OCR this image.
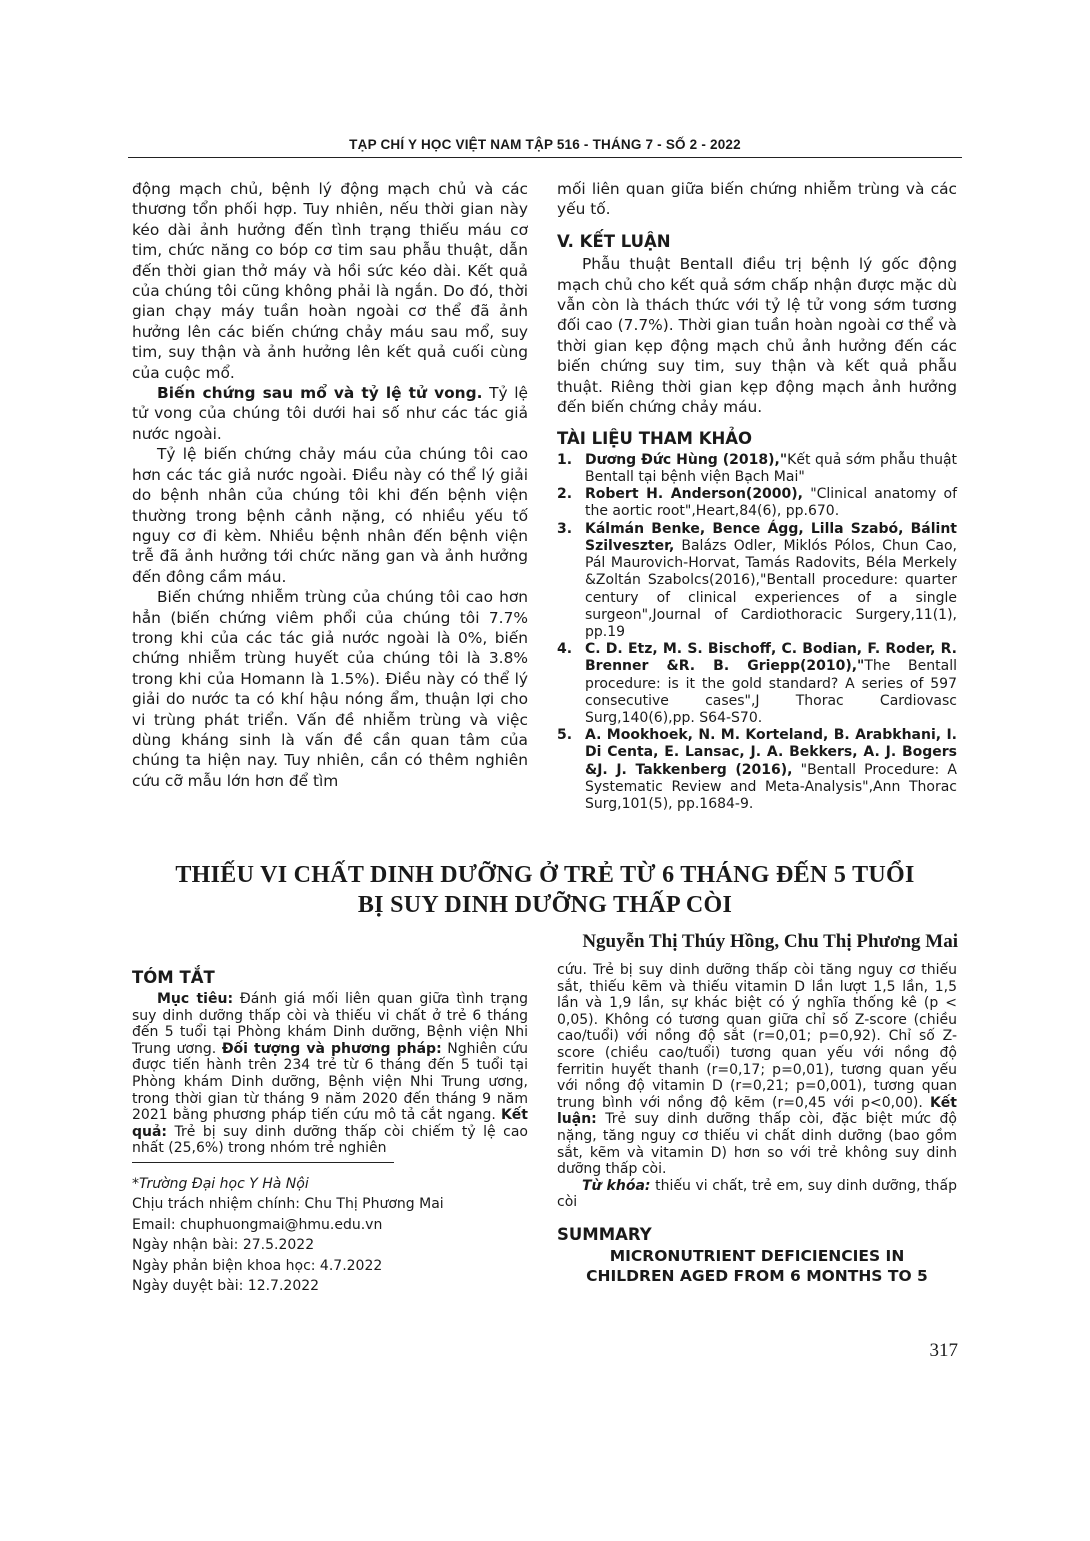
TẠP CHÍ Y HỌC VIỆT NAM TẬP 516 - THÁNG 7 - SỐ 2 - 2022

động mạch chủ, bệnh lý động mạch chủ và các thương tổn phối hợp. Tuy nhiên, nếu thời gian này kéo dài ảnh hưởng đến tình trạng thiếu máu cơ tim, chức năng co bóp cơ tim sau phẫu thuật, dẫn đến thời gian thở máy và hồi sức kéo dài. Kết quả của chúng tôi cũng không phải là ngắn. Do đó, thời gian chạy máy tuần hoàn ngoài cơ thể đã ảnh hưởng lên các biến chứng chảy máu sau mổ, suy tim, suy thận và ảnh hưởng lên kết quả cuối cùng của cuộc mổ.

Biến chứng sau mổ và tỷ lệ tử vong. Tỷ lệ tử vong của chúng tôi dưới hai số như các tác giả nước ngoài.

Tỷ lệ biến chứng chảy máu của chúng tôi cao hơn các tác giả nước ngoài. Điều này có thể lý giải do bệnh nhân của chúng tôi khi đến bệnh viện thường trong bệnh cảnh nặng, có nhiều yếu tố nguy cơ đi kèm. Nhiều bệnh nhân đến bệnh viện trễ đã ảnh hưởng tới chức năng gan và ảnh hưởng đến đông cầm máu.

Biến chứng nhiễm trùng của chúng tôi cao hơn hẳn (biến chứng viêm phổi của chúng tôi 7.7% trong khi của các tác giả nước ngoài là 0%, biến chứng nhiễm trùng huyết của chúng tôi là 3.8% trong khi của Homann là 1.5%). Điều này có thể lý giải do nước ta có khí hậu nóng ẩm, thuận lợi cho vi trùng phát triển. Vấn đề nhiễm trùng và việc dùng kháng sinh là vấn đề cần quan tâm của chúng ta hiện nay. Tuy nhiên, cần có thêm nghiên cứu cỡ mẫu lớn hơn để tìm

mối liên quan giữa biến chứng nhiễm trùng và các yếu tố.

V. KẾT LUẬN

Phẫu thuật Bentall điều trị bệnh lý gốc động mạch chủ cho kết quả sớm chấp nhận được mặc dù vẫn còn là thách thức với tỷ lệ tử vong sớm tương đối cao (7.7%). Thời gian tuần hoàn ngoài cơ thể và thời gian kẹp động mạch chủ ảnh hưởng đến các biến chứng suy tim, suy thận và kết quả phẫu thuật. Riêng thời gian kẹp động mạch ảnh hưởng đến biến chứng chảy máu.

TÀI LIỆU THAM KHẢO
1. Dương Đức Hùng (2018),"Kết quả sớm phẫu thuật Bentall tại bệnh viện Bạch Mai"
2. Robert H. Anderson(2000), "Clinical anatomy of the aortic root",Heart,84(6), pp.670.
3. Kálmán Benke, Bence Ágg, Lilla Szabó, Bálint Szilveszter, Balázs Odler, Miklós Pólos, Chun Cao, Pál Maurovich-Horvat, Tamás Radovits, Béla Merkely &Zoltán Szabolcs(2016),"Bentall procedure: quarter century of clinical experiences of a single surgeon",Journal of Cardiothoracic Surgery,11(1), pp.19
4. C. D. Etz, M. S. Bischoff, C. Bodian, F. Roder, R. Brenner &R. B. Griepp(2010),"The Bentall procedure: is it the gold standard? A series of 597 consecutive cases",J Thorac Cardiovasc Surg,140(6),pp. S64-S70.
5. A. Mookhoek, N. M. Korteland, B. Arabkhani, I. Di Centa, E. Lansac, J. A. Bekkers, A. J. Bogers &J. J. Takkenberg (2016), "Bentall Procedure: A Systematic Review and Meta-Analysis",Ann Thorac Surg,101(5), pp.1684-9.
THIẾU VI CHẤT DINH DƯỠNG Ở TRẺ TỪ 6 THÁNG ĐẾN 5 TUỔI
BỊ SUY DINH DƯỠNG THẤP CÒI
Nguyễn Thị Thúy Hồng, Chu Thị Phương Mai
TÓM TẮT

Mục tiêu: Đánh giá mối liên quan giữa tình trạng suy dinh dưỡng thấp còi và thiếu vi chất ở trẻ 6 tháng đến 5 tuổi tại Phòng khám Dinh dưỡng, Bệnh viện Nhi Trung ương. Đối tượng và phương pháp: Nghiên cứu được tiến hành trên 234 trẻ từ 6 tháng đến 5 tuổi tại Phòng khám Dinh dưỡng, Bệnh viện Nhi Trung ương, trong thời gian từ tháng 9 năm 2020 đến tháng 9 năm 2021 bằng phương pháp tiến cứu mô tả cắt ngang. Kết quả: Trẻ bị suy dinh dưỡng thấp còi chiếm tỷ lệ cao nhất (25,6%) trong nhóm trẻ nghiên

*Trường Đại học Y Hà Nội
Chịu trách nhiệm chính: Chu Thị Phương Mai
Email: chuphuongmai@hmu.edu.vn
Ngày nhận bài: 27.5.2022
Ngày phản biện khoa học: 4.7.2022
Ngày duyệt bài: 12.7.2022

cứu. Trẻ bị suy dinh dưỡng thấp còi tăng nguy cơ thiếu sắt, thiếu kẽm và thiếu vitamin D lần lượt 1,5 lần, 1,5 lần và 1,9 lần, sự khác biệt có ý nghĩa thống kê (p < 0,05). Không có tương quan giữa chỉ số Z-score (chiều cao/tuổi) với nồng độ sắt (r=0,01; p=0,92). Chỉ số Z-score (chiều cao/tuổi) tương quan yếu với nồng độ ferritin huyết thanh (r=0,17; p=0,01), tương quan yếu với nồng độ vitamin D (r=0,21; p=0,001), tương quan trung bình với nồng độ kẽm (r=0,45 với p<0,00). Kết luận: Trẻ suy dinh dưỡng thấp còi, đặc biệt mức độ nặng, tăng nguy cơ thiếu vi chất dinh dưỡng (bao gồm sắt, kẽm và vitamin D) hơn so với trẻ không suy dinh dưỡng thấp còi.

Từ khóa: thiếu vi chất, trẻ em, suy dinh dưỡng, thấp còi

SUMMARY
MICRONUTRIENT DEFICIENCIES IN
CHILDREN AGED FROM 6 MONTHS TO 5
317
